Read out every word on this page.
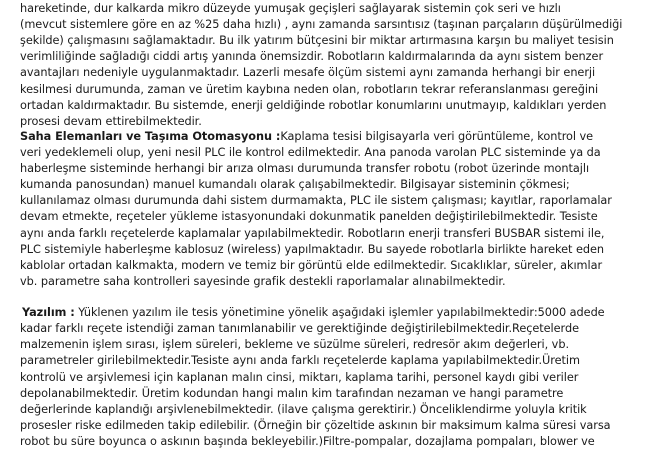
hareketinde, dur kalkarda mikro düzeyde yumuşak geçişleri sağlayarak sistemin çok seri ve hızlı
(mevcut sistemlere göre en az %25 daha hızlı) , aynı zamanda sarsıntısız (taşınan parçaların düşürülmediği
şekilde) çalışmasını sağlamaktadır. Bu ilk yatırım bütçesini bir miktar artırmasına karşın bu maliyet tesisin
verimliliğinde sağladığı ciddi artış yanında önemsizdir. Robotların kaldırmalarında da aynı sistem benzer
avantajları nedeniyle uygulanmaktadır. Lazerli mesafe ölçüm sistemi aynı zamanda herhangi bir enerji
kesilmesi durumunda, zaman ve üretim kaybına neden olan, robotların tekrar referanslanması gereğini
ortadan kaldırmaktadır. Bu sistemde, enerji geldiğinde robotlar konumlarını unutmayıp, kaldıkları yerden
prosesi devam ettirebilmektedir.
Saha Elemanları ve Taşıma Otomasyonu :Kaplama tesisi bilgisayarla veri görüntüleme, kontrol ve
veri yedeklemeli olup, yeni nesil PLC ile kontrol edilmektedir. Ana panoda varolan PLC sisteminde ya da
haberleşme sisteminde herhangi bir arıza olması durumunda transfer robotu (robot üzerinde montajlı
kumanda panosundan) manuel kumandalı olarak çalışabilmektedir. Bilgisayar sisteminin çökmesi;
kullanılamaz olması durumunda dahi sistem durmamakta, PLC ile sistem çalışması; kayıtlar, raporlamalar
devam etmekte, reçeteler yükleme istasyonundaki dokunmatik panelden değiştirilebilmektedir. Tesiste
aynı anda farklı reçetelerde kaplamalar yapılabilmektedir. Robotların enerji transferi BUSBAR sistemi ile,
PLC sistemiyle haberleşme kablosuz (wireless) yapılmaktadır. Bu sayede robotlarla birlikte hareket eden
kablolar ortadan kalkmakta, modern ve temiz bir görüntü elde edilmektedir. Sıcaklıklar, süreler, akımlar
vb. parametre saha kontrolleri sayesinde grafik destekli raporlamalar alınabilmektedir.
Yazılım : Yüklenen yazılım ile tesis yönetimine yönelik aşağıdaki işlemler yapılabilmektedir:5000 adede
kadar farklı reçete istendiği zaman tanımlanabilir ve gerektiğinde değiştirilebilmektedir.Reçetelerde
malzemenin işlem sırası, işlem süreleri, bekleme ve süzülme süreleri, redresör akım değerleri, vb.
parametreler girilebilmektedir.Tesiste aynı anda farklı reçetelerde kaplama yapılabilmektedir.Üretim
kontrolü ve arşivlemesi için kaplanan malın cinsi, miktarı, kaplama tarihi, personel kaydı gibi veriler
depolanabilmektedir. Üretim kodundan hangi malın kim tarafından nezaman ve hangi parametre
değerlerinde kaplandığı arşivlenebilmektedir. (ilave çalışma gerektirir.) Önceliklendirme yoluyla kritik
prosesler riske edilmeden takip edilebilir. (Örneğin bir çözeltide askının bir maksimum kalma süresi varsa
robot bu süre boyunca o askının başında bekleyebilir.)Filtre-pompalar, dozajlama pompaları, blower ve
